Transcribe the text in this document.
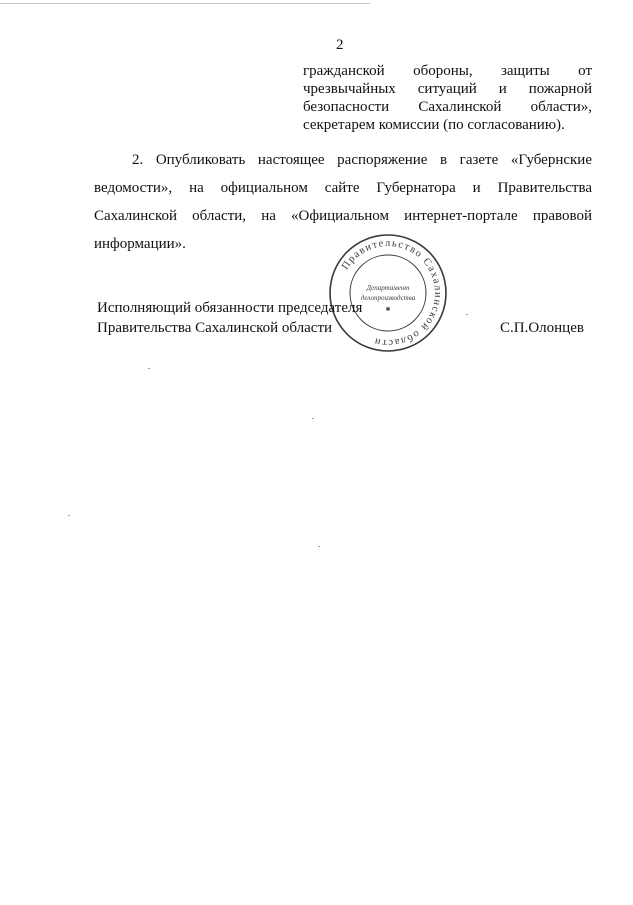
2
гражданской обороны, защиты от
чрезвычайных ситуаций и пожарной
безопасности Сахалинской области»,
секретарем комиссии (по согласованию).
2. Опубликовать настоящее распоряжение в газете «Губернские
ведомости», на официальном сайте Губернатора и Правительства
Сахалинской области, на «Официальном интернет-портале правовой
информации».
Правительство Сахалинской области
Департамент
делопроизводства
✱
Исполняющий обязанности председателя
Правительства Сахалинской области	С.П.Олонцев
